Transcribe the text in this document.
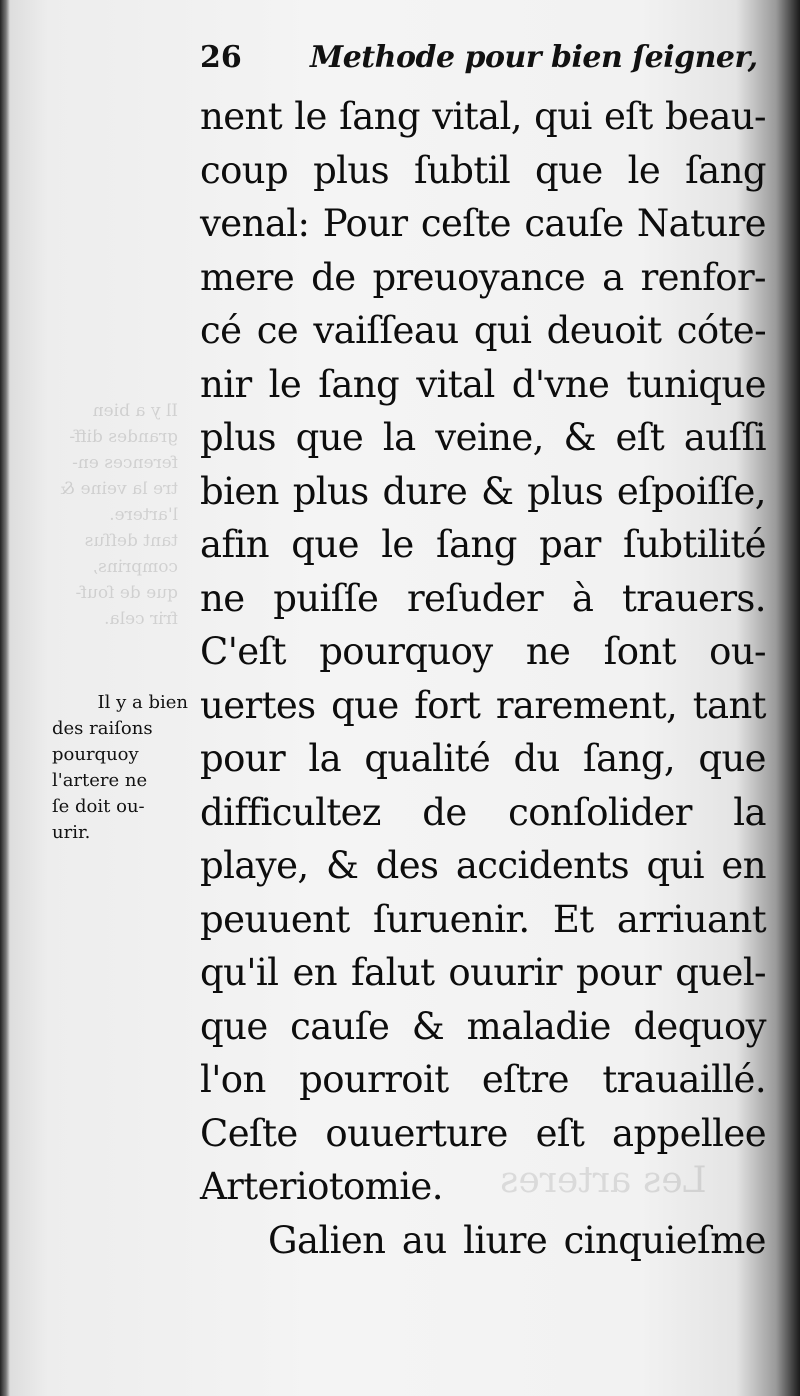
Il y a bien
grandes diff-
ferences en-
tre la veine &
l'artere.
tant deſſus
comprins,
que de ſouf-
frir cela.
Les arteres
26 Methode pour bien ſeigner,
nent le ſang vital, qui eſt beau-
coup plus ſubtil que le ſang
venal: Pour ceſte cauſe Nature
mere de preuoyance a renfor-
cé ce vaiſſeau qui deuoit cóte-
nir le ſang vital d'vne tunique
plus que la veine, & eſt auſſi
bien plus dure & plus eſpoiſſe,
afin que le ſang par ſubtilité
ne puiſſe reſuder à trauers.
C'eſt pourquoy ne ſont ou-
uertes que fort rarement, tant
pour la qualité du ſang, que
difficultez de conſolider la
playe, & des accidents qui en
peuuent ſuruenir. Et arriuant
qu'il en falut ouurir pour quel-
que cauſe & maladie dequoy
l'on pourroit eſtre trauaillé.
Ceſte ouuerture eſt appellee
Arteriotomie.
Galien au liure cinquieſme
Il y a bien
des raiſons
pourquoy
l'artere ne
ſe doit ou-
urir.
